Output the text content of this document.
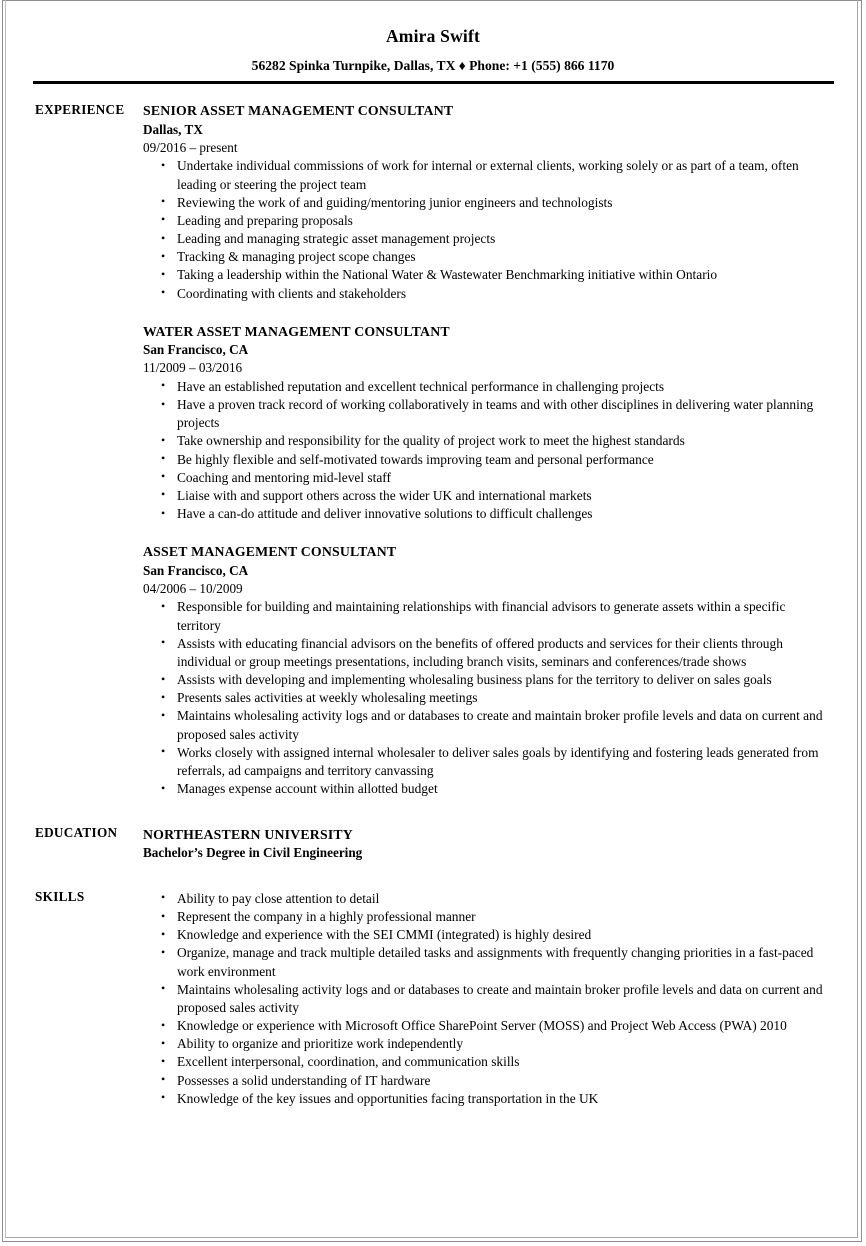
Amira Swift
56282 Spinka Turnpike, Dallas, TX ♦ Phone: +1 (555) 866 1170
EXPERIENCE	SENIOR ASSET MANAGEMENT CONSULTANT
Dallas, TX
09/2016 – present
• Undertake individual commissions of work for internal or external clients, working solely or as part of a team, often leading or steering the project team
• Reviewing the work of and guiding/mentoring junior engineers and technologists
• Leading and preparing proposals
• Leading and managing strategic asset management projects
• Tracking & managing project scope changes
• Taking a leadership within the National Water & Wastewater Benchmarking initiative within Ontario
• Coordinating with clients and stakeholders
WATER ASSET MANAGEMENT CONSULTANT
San Francisco, CA
11/2009 – 03/2016
• Have an established reputation and excellent technical performance in challenging projects
• Have a proven track record of working collaboratively in teams and with other disciplines in delivering water planning projects
• Take ownership and responsibility for the quality of project work to meet the highest standards
• Be highly flexible and self-motivated towards improving team and personal performance
• Coaching and mentoring mid-level staff
• Liaise with and support others across the wider UK and international markets
• Have a can-do attitude and deliver innovative solutions to difficult challenges
ASSET MANAGEMENT CONSULTANT
San Francisco, CA
04/2006 – 10/2009
• Responsible for building and maintaining relationships with financial advisors to generate assets within a specific territory
• Assists with educating financial advisors on the benefits of offered products and services for their clients through individual or group meetings presentations, including branch visits, seminars and conferences/trade shows
• Assists with developing and implementing wholesaling business plans for the territory to deliver on sales goals
• Presents sales activities at weekly wholesaling meetings
• Maintains wholesaling activity logs and or databases to create and maintain broker profile levels and data on current and proposed sales activity
• Works closely with assigned internal wholesaler to deliver sales goals by identifying and fostering leads generated from referrals, ad campaigns and territory canvassing
• Manages expense account within allotted budget
EDUCATION	NORTHEASTERN UNIVERSITY
Bachelor’s Degree in Civil Engineering
SKILLS	• Ability to pay close attention to detail
• Represent the company in a highly professional manner
• Knowledge and experience with the SEI CMMI (integrated) is highly desired
• Organize, manage and track multiple detailed tasks and assignments with frequently changing priorities in a fast-paced work environment
• Maintains wholesaling activity logs and or databases to create and maintain broker profile levels and data on current and proposed sales activity
• Knowledge or experience with Microsoft Office SharePoint Server (MOSS) and Project Web Access (PWA) 2010
• Ability to organize and prioritize work independently
• Excellent interpersonal, coordination, and communication skills
• Possesses a solid understanding of IT hardware
• Knowledge of the key issues and opportunities facing transportation in the UK
